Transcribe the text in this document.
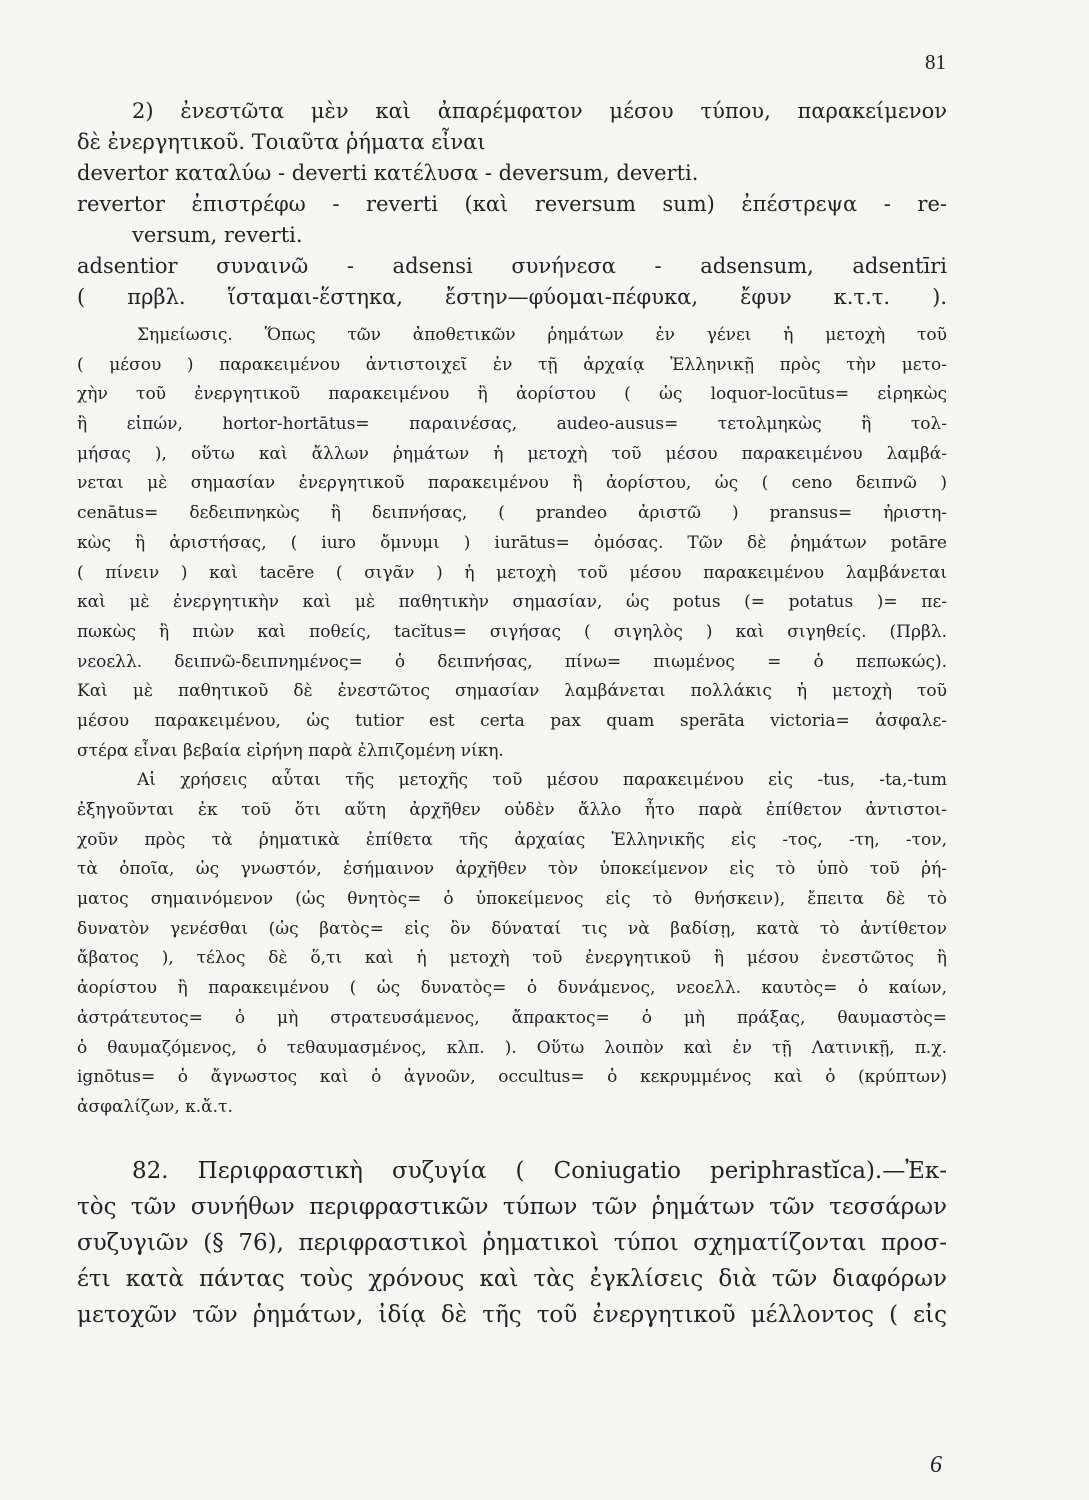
81
2) ἐνεστῶτα μὲν καὶ ἀπαρέμφατον μέσου τύπου, παρακείμενον
δὲ ἐνεργητικοῦ. Τοιαῦτα ῥήματα εἶναι
devertor καταλύω - deverti κατέλυσα - deversum, deverti.
revertor ἐπιστρέφω - reverti (καὶ reversum sum) ἐπέστρεψα - re-
versum, reverti.
adsentior συναινῶ - adsensi συνήνεσα - adsensum, adsentīri
( πρβλ. ἵσταμαι-ἕστηκα, ἔστην—φύομαι-πέφυκα, ἔφυν κ.τ.τ. ).
Σημείωσις. Ὅπως τῶν ἀποθετικῶν ῥημάτων ἐν γένει ἡ μετοχὴ τοῦ
( μέσου ) παρακειμένου ἀντιστοιχεῖ ἐν τῇ ἀρχαίᾳ Ἑλληνικῇ πρὸς τὴν μετο-
χὴν τοῦ ἐνεργητικοῦ παρακειμένου ἢ ἀορίστου ( ὡς loquor-locūtus= εἰρηκὼς
ἢ εἰπών, hortor-hortātus= παραινέσας, audeo-ausus= τετολμηκὼς ἢ τολ-
μήσας ), οὕτω καὶ ἄλλων ῥημάτων ἡ μετοχὴ τοῦ μέσου παρακειμένου λαμβά-
νεται μὲ σημασίαν ἐνεργητικοῦ παρακειμένου ἢ ἀορίστου, ὡς ( ceno δειπνῶ )
cenātus= δεδειπνηκὼς ἢ δειπνήσας, ( prandeo ἀριστῶ ) pransus= ἠριστη-
κὼς ἢ ἀριστήσας, ( iuro ὄμνυμι ) iurātus= ὀμόσας. Τῶν δὲ ῥημάτων potāre
( πίνειν ) καὶ tacēre ( σιγᾶν ) ἡ μετοχὴ τοῦ μέσου παρακειμένου λαμβάνεται
καὶ μὲ ἐνεργητικὴν καὶ μὲ παθητικὴν σημασίαν, ὡς potus (= potatus )= πε-
πωκὼς ἢ πιὼν καὶ ποθείς, tacĭtus= σιγήσας ( σιγηλὸς ) καὶ σιγηθείς. (Πρβλ.
νεοελλ. δειπνῶ-δειπνημένος= ὁ δειπνήσας, πίνω= πιωμένος = ὁ πεπωκώς).
Καὶ μὲ παθητικοῦ δὲ ἐνεστῶτος σημασίαν λαμβάνεται πολλάκις ἡ μετοχὴ τοῦ
μέσου παρακειμένου, ὡς tutior est certa pax quam sperāta victoria= ἀσφαλε-
στέρα εἶναι βεβαία εἰρήνη παρὰ ἐλπιζομένη νίκη.
Αἱ χρήσεις αὗται τῆς μετοχῆς τοῦ μέσου παρακειμένου εἰς -tus, -ta,-tum
ἐξηγοῦνται ἐκ τοῦ ὅτι αὕτη ἀρχῆθεν οὐδὲν ἄλλο ἦτο παρὰ ἐπίθετον ἀντιστοι-
χοῦν πρὸς τὰ ῥηματικὰ ἐπίθετα τῆς ἀρχαίας Ἑλληνικῆς εἰς -τος, -τη, -τον,
τὰ ὁποῖα, ὡς γνωστόν, ἐσήμαινον ἀρχῆθεν τὸν ὑποκείμενον εἰς τὸ ὑπὸ τοῦ ῥή-
ματος σημαινόμενον (ὡς θνητὸς= ὁ ὑποκείμενος εἰς τὸ θνήσκειν), ἔπειτα δὲ τὸ
δυνατὸν γενέσθαι (ὡς βατὸς= εἰς ὃν δύναταί τις νὰ βαδίσῃ, κατὰ τὸ ἀντίθετον
ἄβατος ), τέλος δὲ ὅ,τι καὶ ἡ μετοχὴ τοῦ ἐνεργητικοῦ ἢ μέσου ἐνεστῶτος ἢ
ἀορίστου ἢ παρακειμένου ( ὡς δυνατὸς= ὁ δυνάμενος, νεοελλ. καυτὸς= ὁ καίων,
ἀστράτευτος= ὁ μὴ στρατευσάμενος, ἄπρακτος= ὁ μὴ πράξας, θαυμαστὸς=
ὁ θαυμαζόμενος, ὁ τεθαυμασμένος, κλπ. ). Οὕτω λοιπὸν καὶ ἐν τῇ Λατινικῇ, π.χ.
ignōtus= ὁ ἄγνωστος καὶ ὁ ἀγνοῶν, occultus= ὁ κεκρυμμένος καὶ ὁ (κρύπτων)
ἀσφαλίζων, κ.ἄ.τ.
82. Περιφραστικὴ συζυγία ( Coniugatio periphrastĭca).—Ἐκ-
τὸς τῶν συνήθων περιφραστικῶν τύπων τῶν ῥημάτων τῶν τεσσάρων
συζυγιῶν (§ 76), περιφραστικοὶ ῥηματικοὶ τύποι σχηματίζονται προσ-
έτι κατὰ πάντας τοὺς χρόνους καὶ τὰς ἐγκλίσεις διὰ τῶν διαφόρων
μετοχῶν τῶν ῥημάτων, ἰδίᾳ δὲ τῆς τοῦ ἐνεργητικοῦ μέλλοντος ( εἰς
6
